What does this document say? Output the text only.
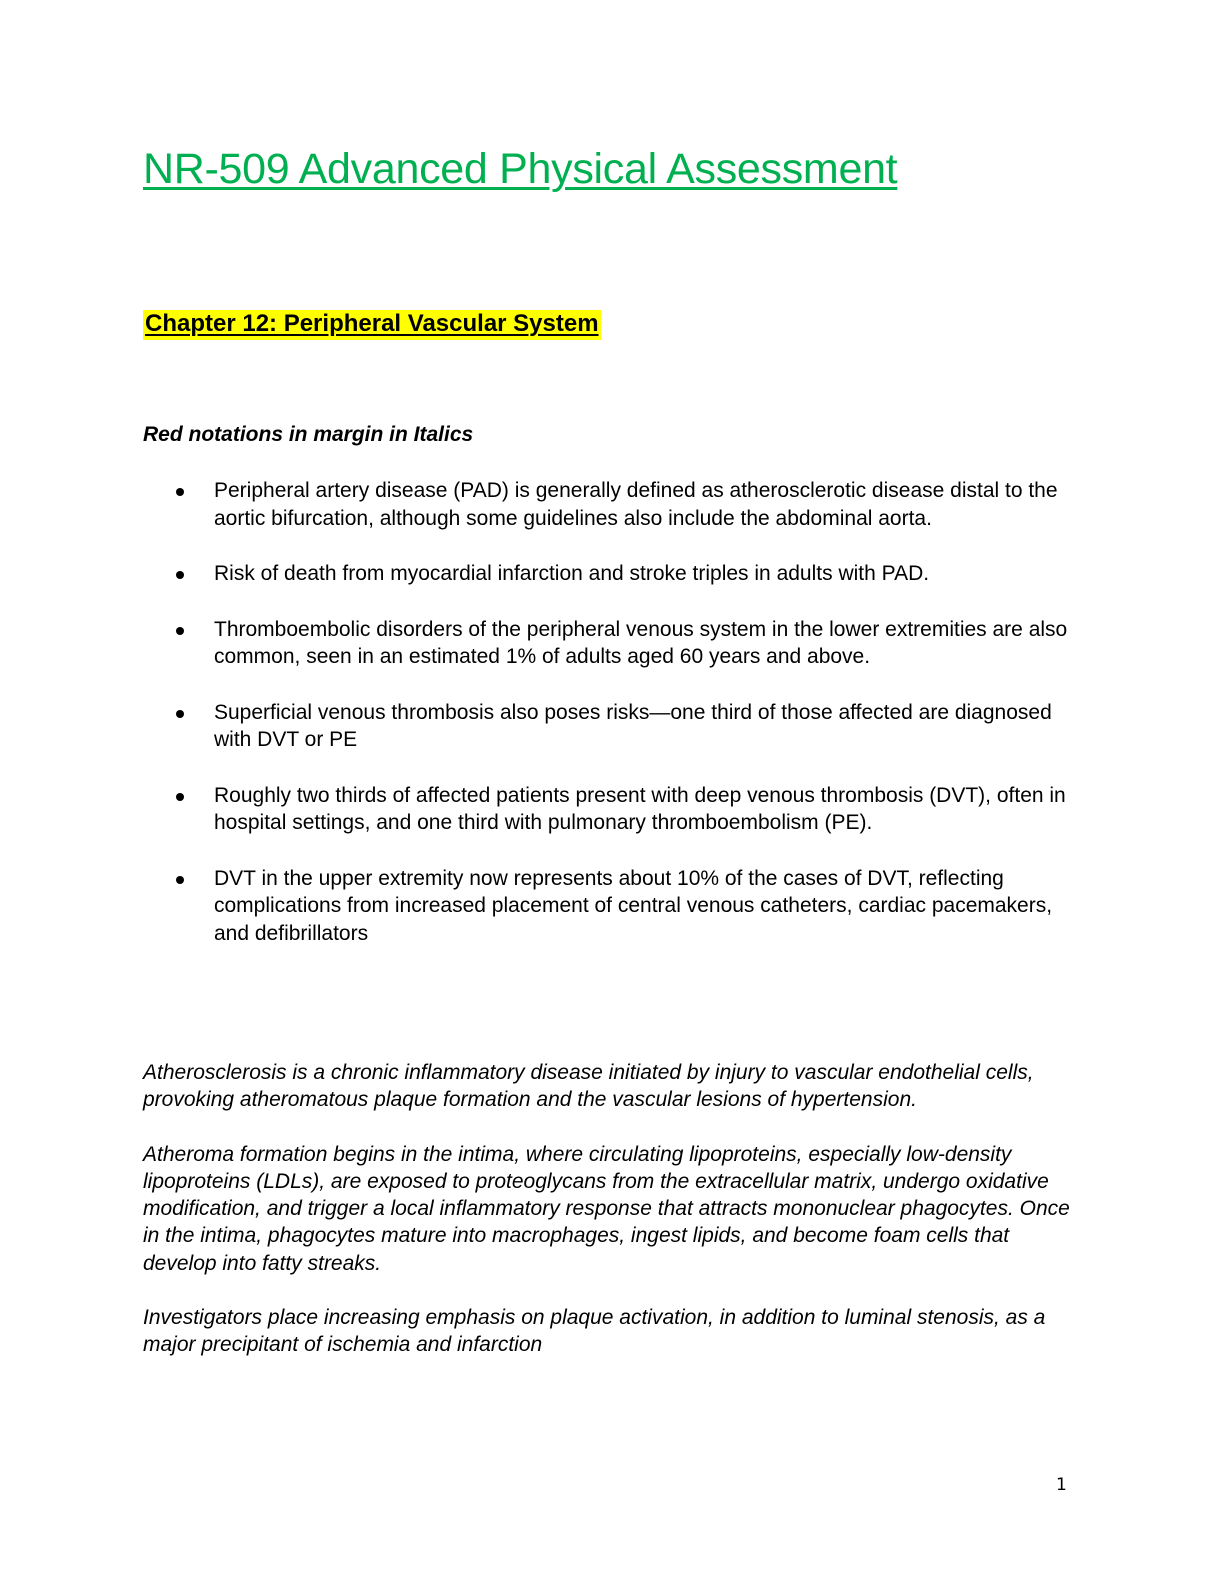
NR-509 Advanced Physical Assessment
Chapter 12: Peripheral Vascular System

Red notations in margin in Italics

Peripheral artery disease (PAD) is generally defined as atherosclerotic disease distal to the aortic bifurcation, although some guidelines also include the abdominal aorta.
Risk of death from myocardial infarction and stroke triples in adults with PAD.
Thromboembolic disorders of the peripheral venous system in the lower extremities are also common, seen in an estimated 1% of adults aged 60 years and above.
Superficial venous thrombosis also poses risks—one third of those affected are diagnosed with DVT or PE
Roughly two thirds of affected patients present with deep venous thrombosis (DVT), often in hospital settings, and one third with pulmonary thromboembolism (PE).
DVT in the upper extremity now represents about 10% of the cases of DVT, reflecting complications from increased placement of central venous catheters, cardiac pacemakers, and defibrillators

Atherosclerosis is a chronic inflammatory disease initiated by injury to vascular endothelial cells, provoking atheromatous plaque formation and the vascular lesions of hypertension.

Atheroma formation begins in the intima, where circulating lipoproteins, especially low-density lipoproteins (LDLs), are exposed to proteoglycans from the extracellular matrix, undergo oxidative modification, and trigger a local inflammatory response that attracts mononuclear phagocytes. Once in the intima, phagocytes mature into macrophages, ingest lipids, and become foam cells that develop into fatty streaks.

Investigators place increasing emphasis on plaque activation, in addition to luminal stenosis, as a major precipitant of ischemia and infarction

1
